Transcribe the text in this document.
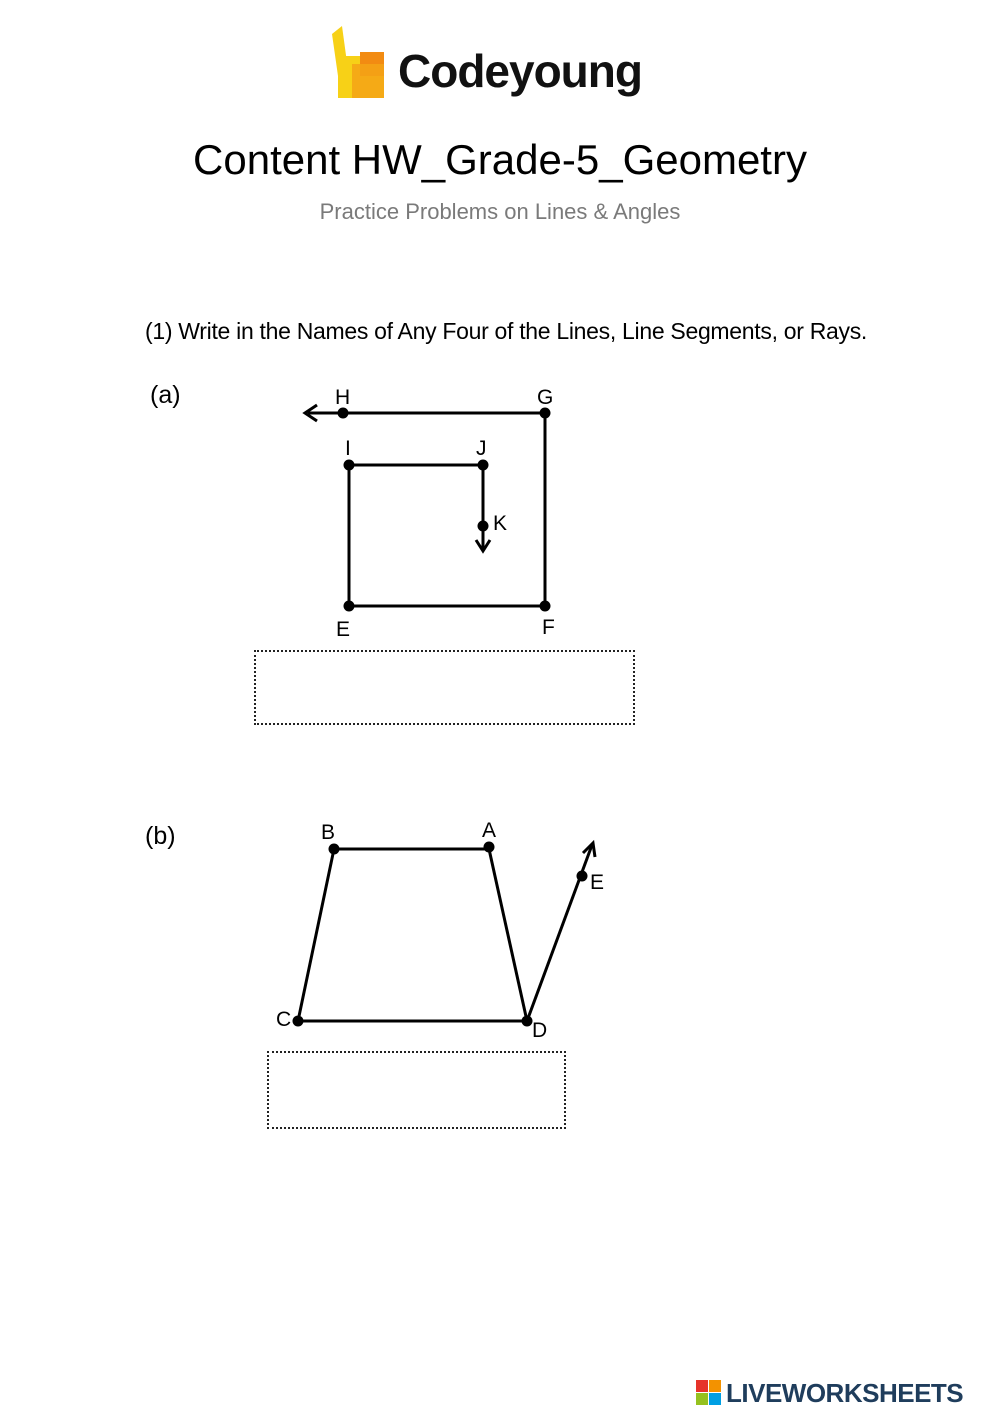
Codeyoung
Content HW_Grade-5_Geometry
Practice Problems on Lines & Angles
(1) Write in the Names of Any Four of the Lines, Line Segments, or Rays.
(a)	H	G
I	J
K
E	F
(b)	B	A
E
C	D
LIVEWORKSHEETS
